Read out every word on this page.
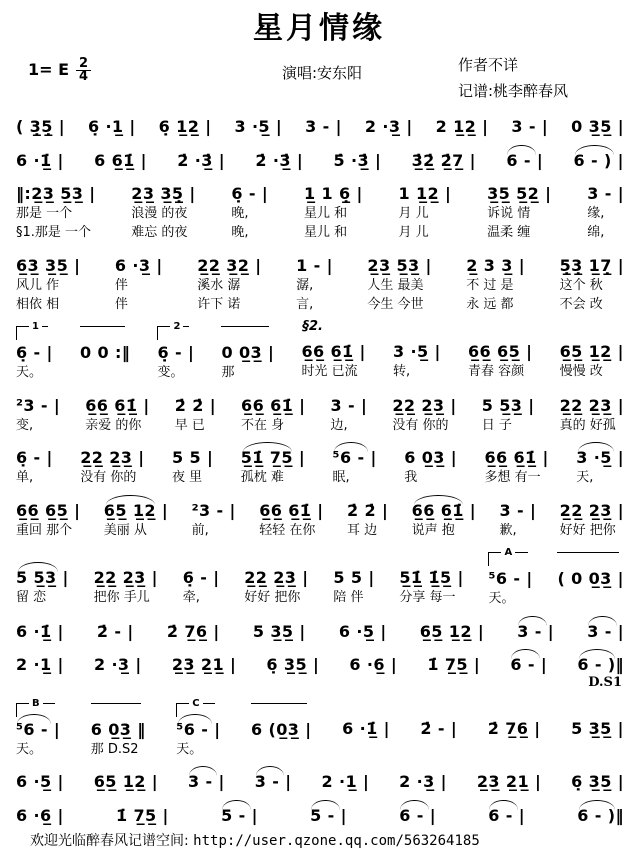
星月情缘
1= E $\frac{2}{4}$	演唱:安东阳	作者不详
记谱:桃李醉春风
( 3̲̣5̲̣ | 6̣ ·1̲ | 6̣ 1̲2̲ | 3 ·5̲ | 3 - | 2 ·3̲ | 2 1̲2̲ | 3 - | 0 3̲5̲ |
6 ·1̲̇ | 6 6̲1̲̇ | 2̇ ·3̲̇ | 2̇ ·3̲̇ | 5̇ ·3̲̇ | 3̲̇2̲̇ 2̲̇7̲ | 6 - | 6 - ) |
‖:2̲3̲ 5̲3̲ |
那是 一个
§1.那是 一个
2̲3̲ 3̲5̲̣ |
浪漫 的夜
难忘 的夜
6̣ - |
晚,
晚,
1̲ 1 6̲̣ |
星儿 和
星儿 和
1 1̲2̲ |
月 儿
月 儿
3̲5̲ 5̲2̲ |
诉说 情
温柔 缠
3 - |
缘,
绵,
6̲3̲ 3̲5̲ |
风儿 作
相依 相
6 ·3̲ |
伴
伴
2̲2̲ 3̲2̲ |
溪水 潺
许下 诺
1 - |
潺,
言,
2̲3̲ 5̲3̲ |
人生 最美
今生 今世
2̲ 3 3̲ |
不 过 是
永 远 都
5̲̣3̲̣ 1̲7̲̣ |
这个 秋
不会 改
1
6̣ - |
天。
0 0 :‖
2
6̣ - |
变。
0 0̲3̲ |
那
§2.
6̲6̲ 6̲1̲̇ |
时光 已流
3 ·5̲ |
转,
6̲6̲ 6̲5̲ |
青春 容颜
6̲5̲ 1̲2̲ |
慢慢 改
²3 - |
变,
6̲6̲ 6̲1̲̇ |
亲爱 的你
2̇ 2̇ |
早 已
6̲6̲ 6̲1̲̇ |
不在 身
3 - |
边,
2̲2̲ 2̲3̲ |
没有 你的
5 5̲3̲ |
日 子
2̲2̲ 2̲3̲ |
真的 好孤
6̣ - |
单,
2̲2̲ 2̲3̲ |
没有 你的
5 5 |
夜 里
5̲1̲̇ 7̲5̲ |
孤枕 难
⁵6 - |
眠,
6 0̲3̲ |
我
6̲6̲ 6̲1̲̇ |
多想 有一
3 ·5̲ |
天,
6̲6̲ 6̲5̲ |
重回 那个
6̲5̲ 1̲2̲ |
美丽 从
²3 - |
前,
6̲6̲ 6̲1̲̇ |
轻轻 在你
2̇ 2̇ |
耳 边
6̲6̲ 6̲1̲̇ |
说声 抱
3 - |
歉,
2̲2̲ 2̲3̲ |
好好 把你
5 5̲3̲ |
留 恋
2̲2̲ 2̲3̲ |
把你 手儿
6̣ - |
牵,
2̲2̲ 2̲3̲ |
好好 把你
5 5 |
陪 伴
5̲1̲̇ 1̲̇5̲ |
分享 每一
A
⁵6 - |
天。
( 0 0̲3̲ |
6 ·1̲̇ | 2̇ - | 2̇ 7̲6̲ | 5 3̲5̲ | 6 ·5̲ | 6̲5̲ 1̲2̲ | 3 - | 3 - |
2 ·1̲ | 2 ·3̲ | 2̲3̲ 2̲1̲ | 6̣ 3̲5̲ | 6 ·6̲ | 1̇ 7̲5̲ | 6 - | 6 - )‖
D.S1
B
⁵6 - |
天。
6 0̲3̲ ‖
那 D.S2
C
⁵6 - |
天。
6 (0̲3̲ | 6 ·1̲̇ | 2̇ - | 2̇ 7̲6̲ | 5 3̲5̲ |
6 ·5̲ | 6̲5̲ 1̲2̲ | 3 - | 3 - | 2 ·1̲ | 2 ·3̲ | 2̲3̲ 2̲1̲ | 6̣ 3̲5̲ |
6 ·6̲ |	1̇ 7̲5̲ |	5 - |	5 - |	6 - |	6 - |	6 - )‖
欢迎光临醉春风记谱空间: http://user.qzone.qq.com/563264185
